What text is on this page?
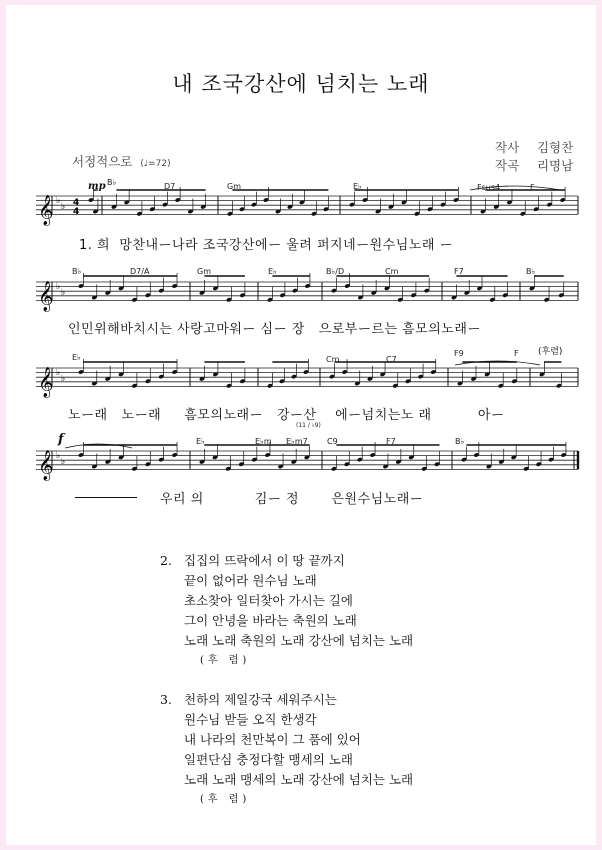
내 조국강산에 넘치는 노래
작사 김형찬
작곡 리명남
서정적으로 (♩=72)
𝄞 ♭
♭ 4
4
𝄞 ♭
♭
𝄞 ♭
♭
𝄞 ♭
♭
mp
f
(후렴)
B♭	D7	Gm	E♭	Fsus4	F
B♭	D7/A	Gm	E♭	B♭/D	Cm	F7	B♭
E♭	Cm	C7
F9	F
E♭	E♭m E♭m7
(11 / ♭9)
C9	F7	B♭
1. 희  망찬내ー나라 조국강산에ー 울려 퍼지네ー원수님노래 ー
인민위해바치시는 사랑고마워ー 심ー 장   으로부ー르는 흠모의노래ー
노ー래   노ー래     흠모의노래ー   강ー산    에ー넘치는노 래          아ー
우리 의           김ー 정       은원수님노래ー
2. 집집의 뜨락에서 이 땅 끝까지
끝이 없어라 원수님 노래
초소찾아 일터찾아 가시는 길에
그이 안녕을 바라는 축원의 노래
노래 노래 축원의 노래 강산에 넘치는 노래
(후 렴)
3. 천하의 제일강국 세워주시는
원수님 받들 오직 한생각
내 나라의 천만복이 그 품에 있어
일편단심 충정다할 맹세의 노래
노래 노래 맹세의 노래 강산에 넘치는 노래
(후 렴)
